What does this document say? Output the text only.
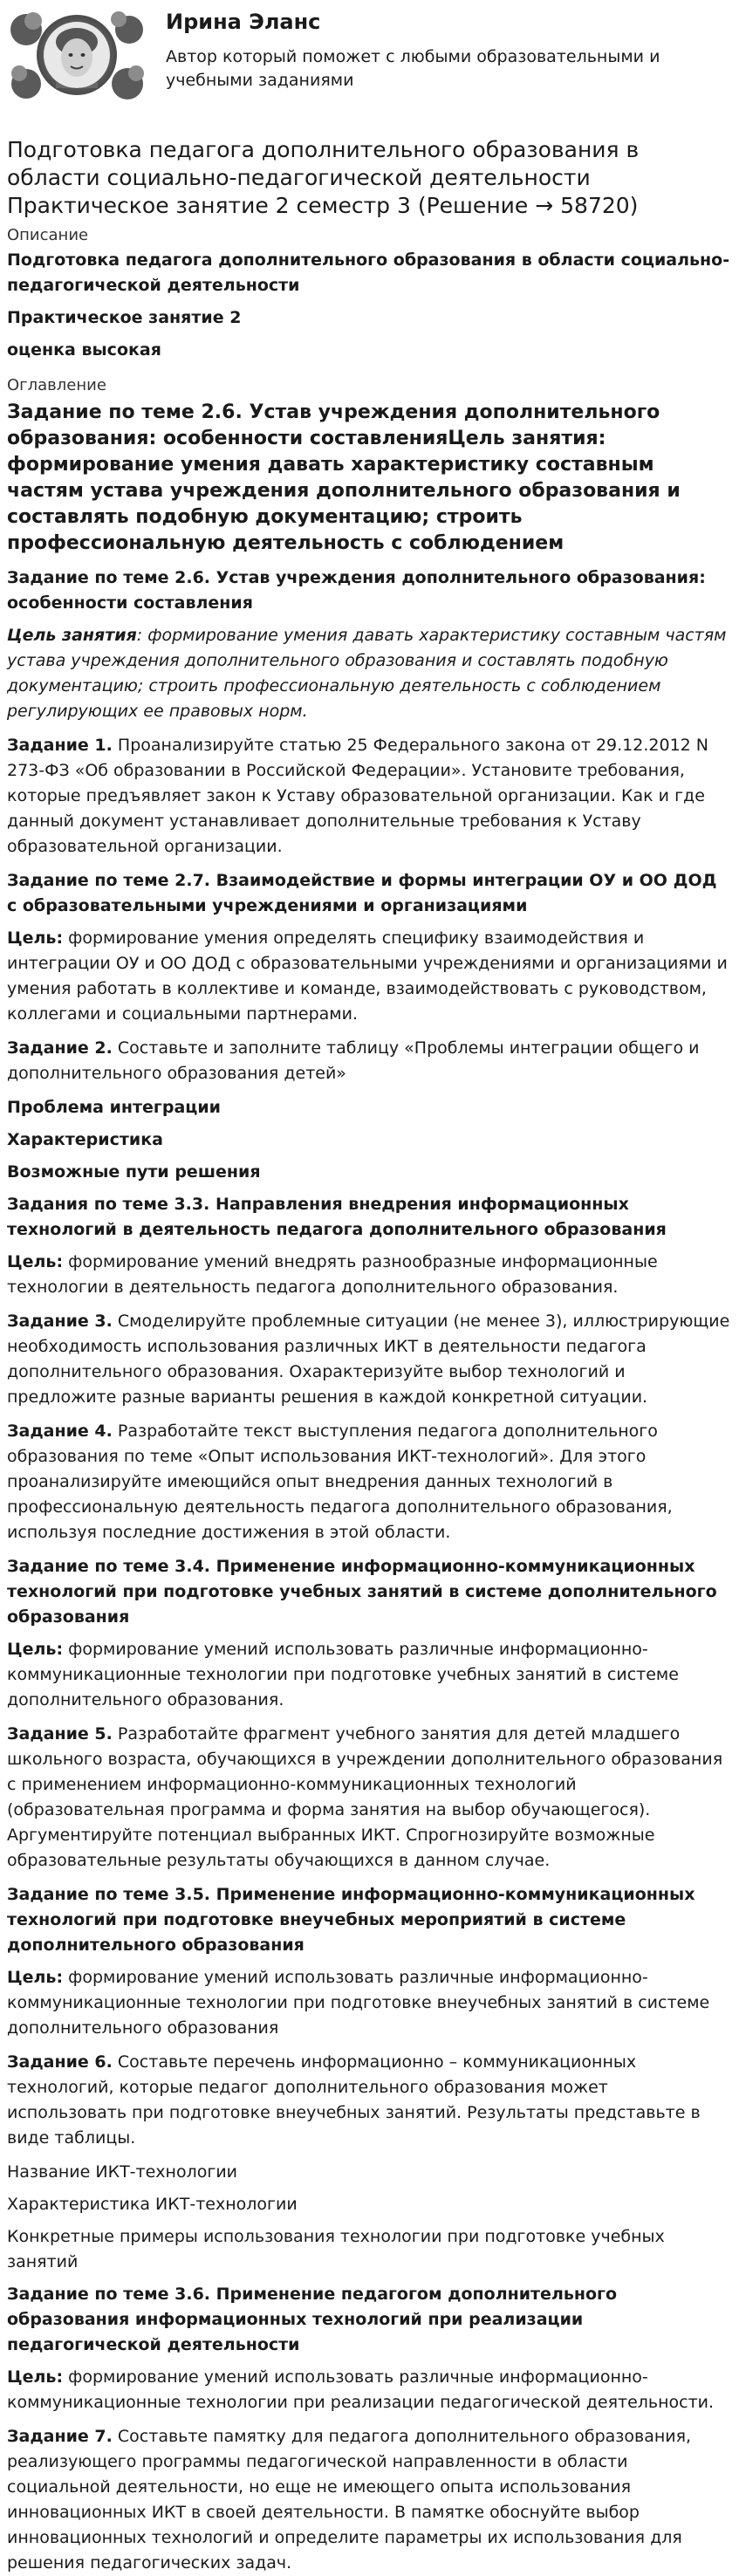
Ирина Эланс
Автор который поможет с любыми образовательными и учебными заданиями
Подготовка педагога дополнительного образования в области социально-педагогической деятельности Практическое занятие 2 семестр 3 (Решение → 58720)
Описание
Подготовка педагога дополнительного образования в области социально-педагогической деятельности
Практическое занятие 2
оценка высокая
Оглавление
Задание по теме 2.6. Устав учреждения дополнительного образования: особенности составленияЦель занятия: формирование умения давать характеристику составным частям устава учреждения дополнительного образования и составлять подобную документацию; строить профессиональную деятельность с соблюдением
Задание по теме 2.6. Устав учреждения дополнительного образования: особенности составления
Цель занятия: формирование умения давать характеристику составным частям устава учреждения дополнительного образования и составлять подобную документацию; строить профессиональную деятельность с соблюдением регулирующих ее правовых норм.
Задание 1. Проанализируйте статью 25 Федерального закона от 29.12.2012 N 273-ФЗ «Об образовании в Российской Федерации». Установите требования, которые предъявляет закон к Уставу образовательной организации. Как и где данный документ устанавливает дополнительные требования к Уставу образовательной организации.
Задание по теме 2.7. Взаимодействие и формы интеграции ОУ и ОО ДОД с образовательными учреждениями и организациями
Цель: формирование умения определять специфику взаимодействия и интеграции ОУ и ОО ДОД с образовательными учреждениями и организациями и умения работать в коллективе и команде, взаимодействовать с руководством, коллегами и социальными партнерами.
Задание 2. Составьте и заполните таблицу «Проблемы интеграции общего и дополнительного образования детей»
Проблема интеграции
Характеристика
Возможные пути решения
Задания по теме 3.3. Направления внедрения информационных технологий в деятельность педагога дополнительного образования
Цель: формирование умений внедрять разнообразные информационные технологии в деятельность педагога дополнительного образования.
Задание 3. Смоделируйте проблемные ситуации (не менее 3), иллюстрирующие необходимость использования различных ИКТ в деятельности педагога дополнительного образования. Охарактеризуйте выбор технологий и предложите разные варианты решения в каждой конкретной ситуации.
Задание 4. Разработайте текст выступления педагога дополнительного образования по теме «Опыт использования ИКТ-технологий». Для этого проанализируйте имеющийся опыт внедрения данных технологий в профессиональную деятельность педагога дополнительного образования, используя последние достижения в этой области.
Задание по теме 3.4. Применение информационно-коммуникационных технологий при подготовке учебных занятий в системе дополнительного образования
Цель: формирование умений использовать различные информационно-коммуникационные технологии при подготовке учебных занятий в системе дополнительного образования.
Задание 5. Разработайте фрагмент учебного занятия для детей младшего школьного возраста, обучающихся в учреждении дополнительного образования с применением информационно-коммуникационных технологий (образовательная программа и форма занятия на выбор обучающегося). Аргументируйте потенциал выбранных ИКТ. Спрогнозируйте возможные образовательные результаты обучающихся в данном случае.
Задание по теме 3.5. Применение информационно-коммуникационных технологий при подготовке внеучебных мероприятий в системе дополнительного образования
Цель: формирование умений использовать различные информационно-коммуникационные технологии при подготовке внеучебных занятий в системе дополнительного образования
Задание 6. Составьте перечень информационно – коммуникационных технологий, которые педагог дополнительного образования может использовать при подготовке внеучебных занятий. Результаты представьте в виде таблицы.
Название ИКТ-технологии
Характеристика ИКТ-технологии
Конкретные примеры использования технологии при подготовке учебных занятий
Задание по теме 3.6. Применение педагогом дополнительного образования информационных технологий при реализации педагогической деятельности
Цель: формирование умений использовать различные информационно-коммуникационные технологии при реализации педагогической деятельности.
Задание 7. Составьте памятку для педагога дополнительного образования, реализующего программы педагогической направленности в области социальной деятельности, но еще не имеющего опыта использования инновационных ИКТ в своей деятельности. В памятке обоснуйте выбор инновационных технологий и определите параметры их использования для решения педагогических задач.
